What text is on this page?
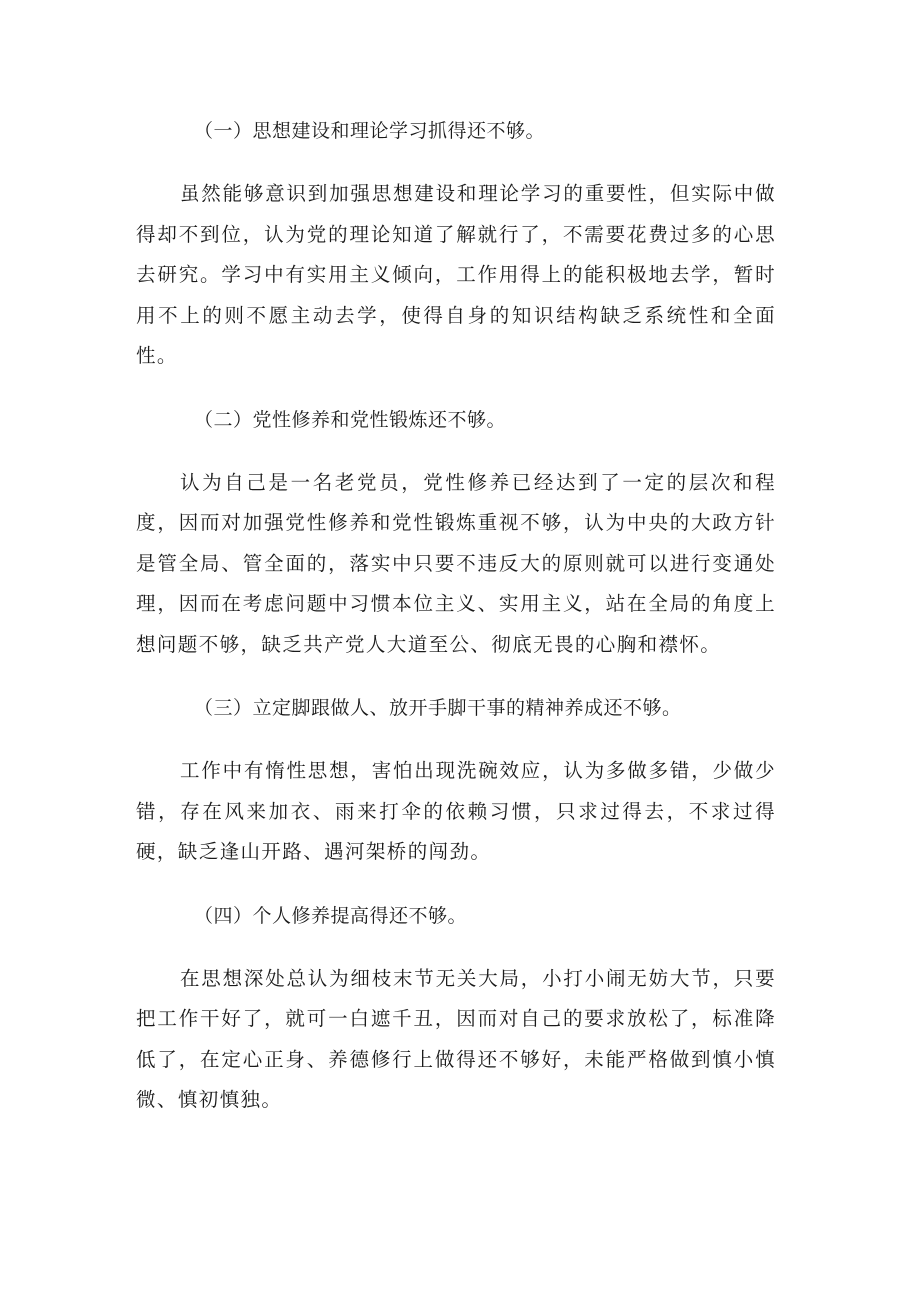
（一）思想建设和理论学习抓得还不够。

虽然能够意识到加强思想建设和理论学习的重要性，但实际中做得却不到位，认为党的理论知道了解就行了，不需要花费过多的心思去研究。学习中有实用主义倾向，工作用得上的能积极地去学，暂时用不上的则不愿主动去学，使得自身的知识结构缺乏系统性和全面性。

（二）党性修养和党性锻炼还不够。

认为自己是一名老党员，党性修养已经达到了一定的层次和程度，因而对加强党性修养和党性锻炼重视不够，认为中央的大政方针是管全局、管全面的，落实中只要不违反大的原则就可以进行变通处理，因而在考虑问题中习惯本位主义、实用主义，站在全局的角度上想问题不够，缺乏共产党人大道至公、彻底无畏的心胸和襟怀。

（三）立定脚跟做人、放开手脚干事的精神养成还不够。

工作中有惰性思想，害怕出现洗碗效应，认为多做多错，少做少错，存在风来加衣、雨来打伞的依赖习惯，只求过得去，不求过得硬，缺乏逢山开路、遇河架桥的闯劲。

（四）个人修养提高得还不够。

在思想深处总认为细枝末节无关大局，小打小闹无妨大节，只要把工作干好了，就可一白遮千丑，因而对自己的要求放松了，标准降低了，在定心正身、养德修行上做得还不够好，未能严格做到慎小慎微、慎初慎独。
